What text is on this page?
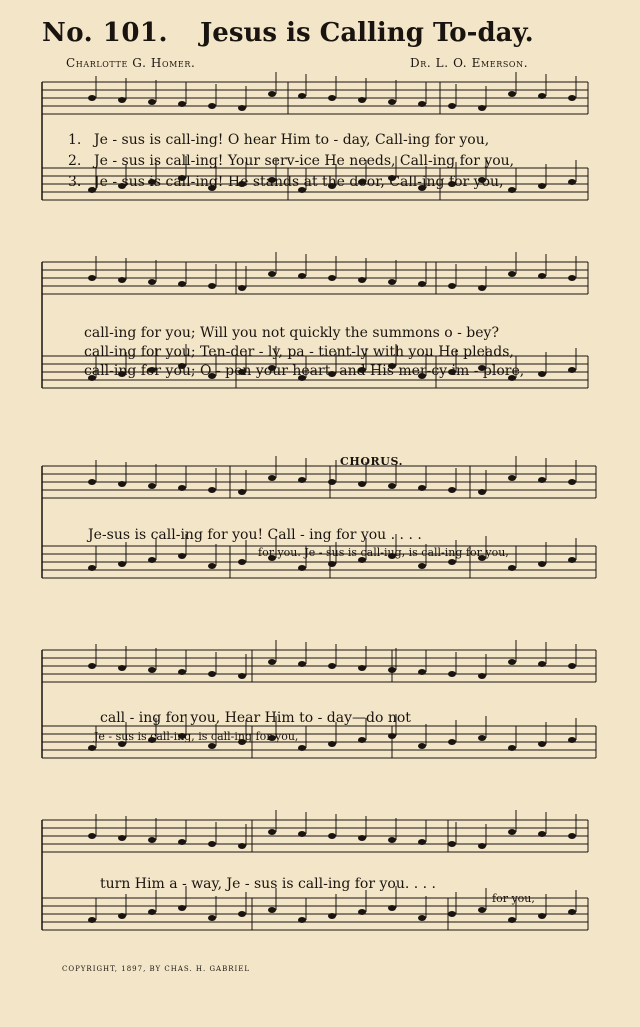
No. 101. Jesus is Calling To-day.
Charlotte G. Homer.	Dr. L. O. Emerson.
1. Je - sus is call-ing! O hear Him to - day, Call-ing for you,
2. Je - sus is call-ing! Your serv-ice He needs, Call-ing for you,
3. Je - sus is call-ing! He stands at the door, Call-ing for you,
call-ing for you; Will you not quickly the summons o - bey?
call-ing for you; Ten-der - ly, pa - tient-ly with you He pleads,
call-ing for you; O - pen your heart, and His mer-cy im - plore,
CHORUS.
Je-sus is call-ing for you! Call - ing for you . . . .
for you. Je - sus is call-iug, is call-ing for you,
call - ing for you, Hear Him to - day—do not
Je - sus is call-ing, is call-ing for you,
turn Him a - way, Je - sus is call-ing for you. . . .
for you,
COPYRIGHT, 1897, BY CHAS. H. GABRIEL
